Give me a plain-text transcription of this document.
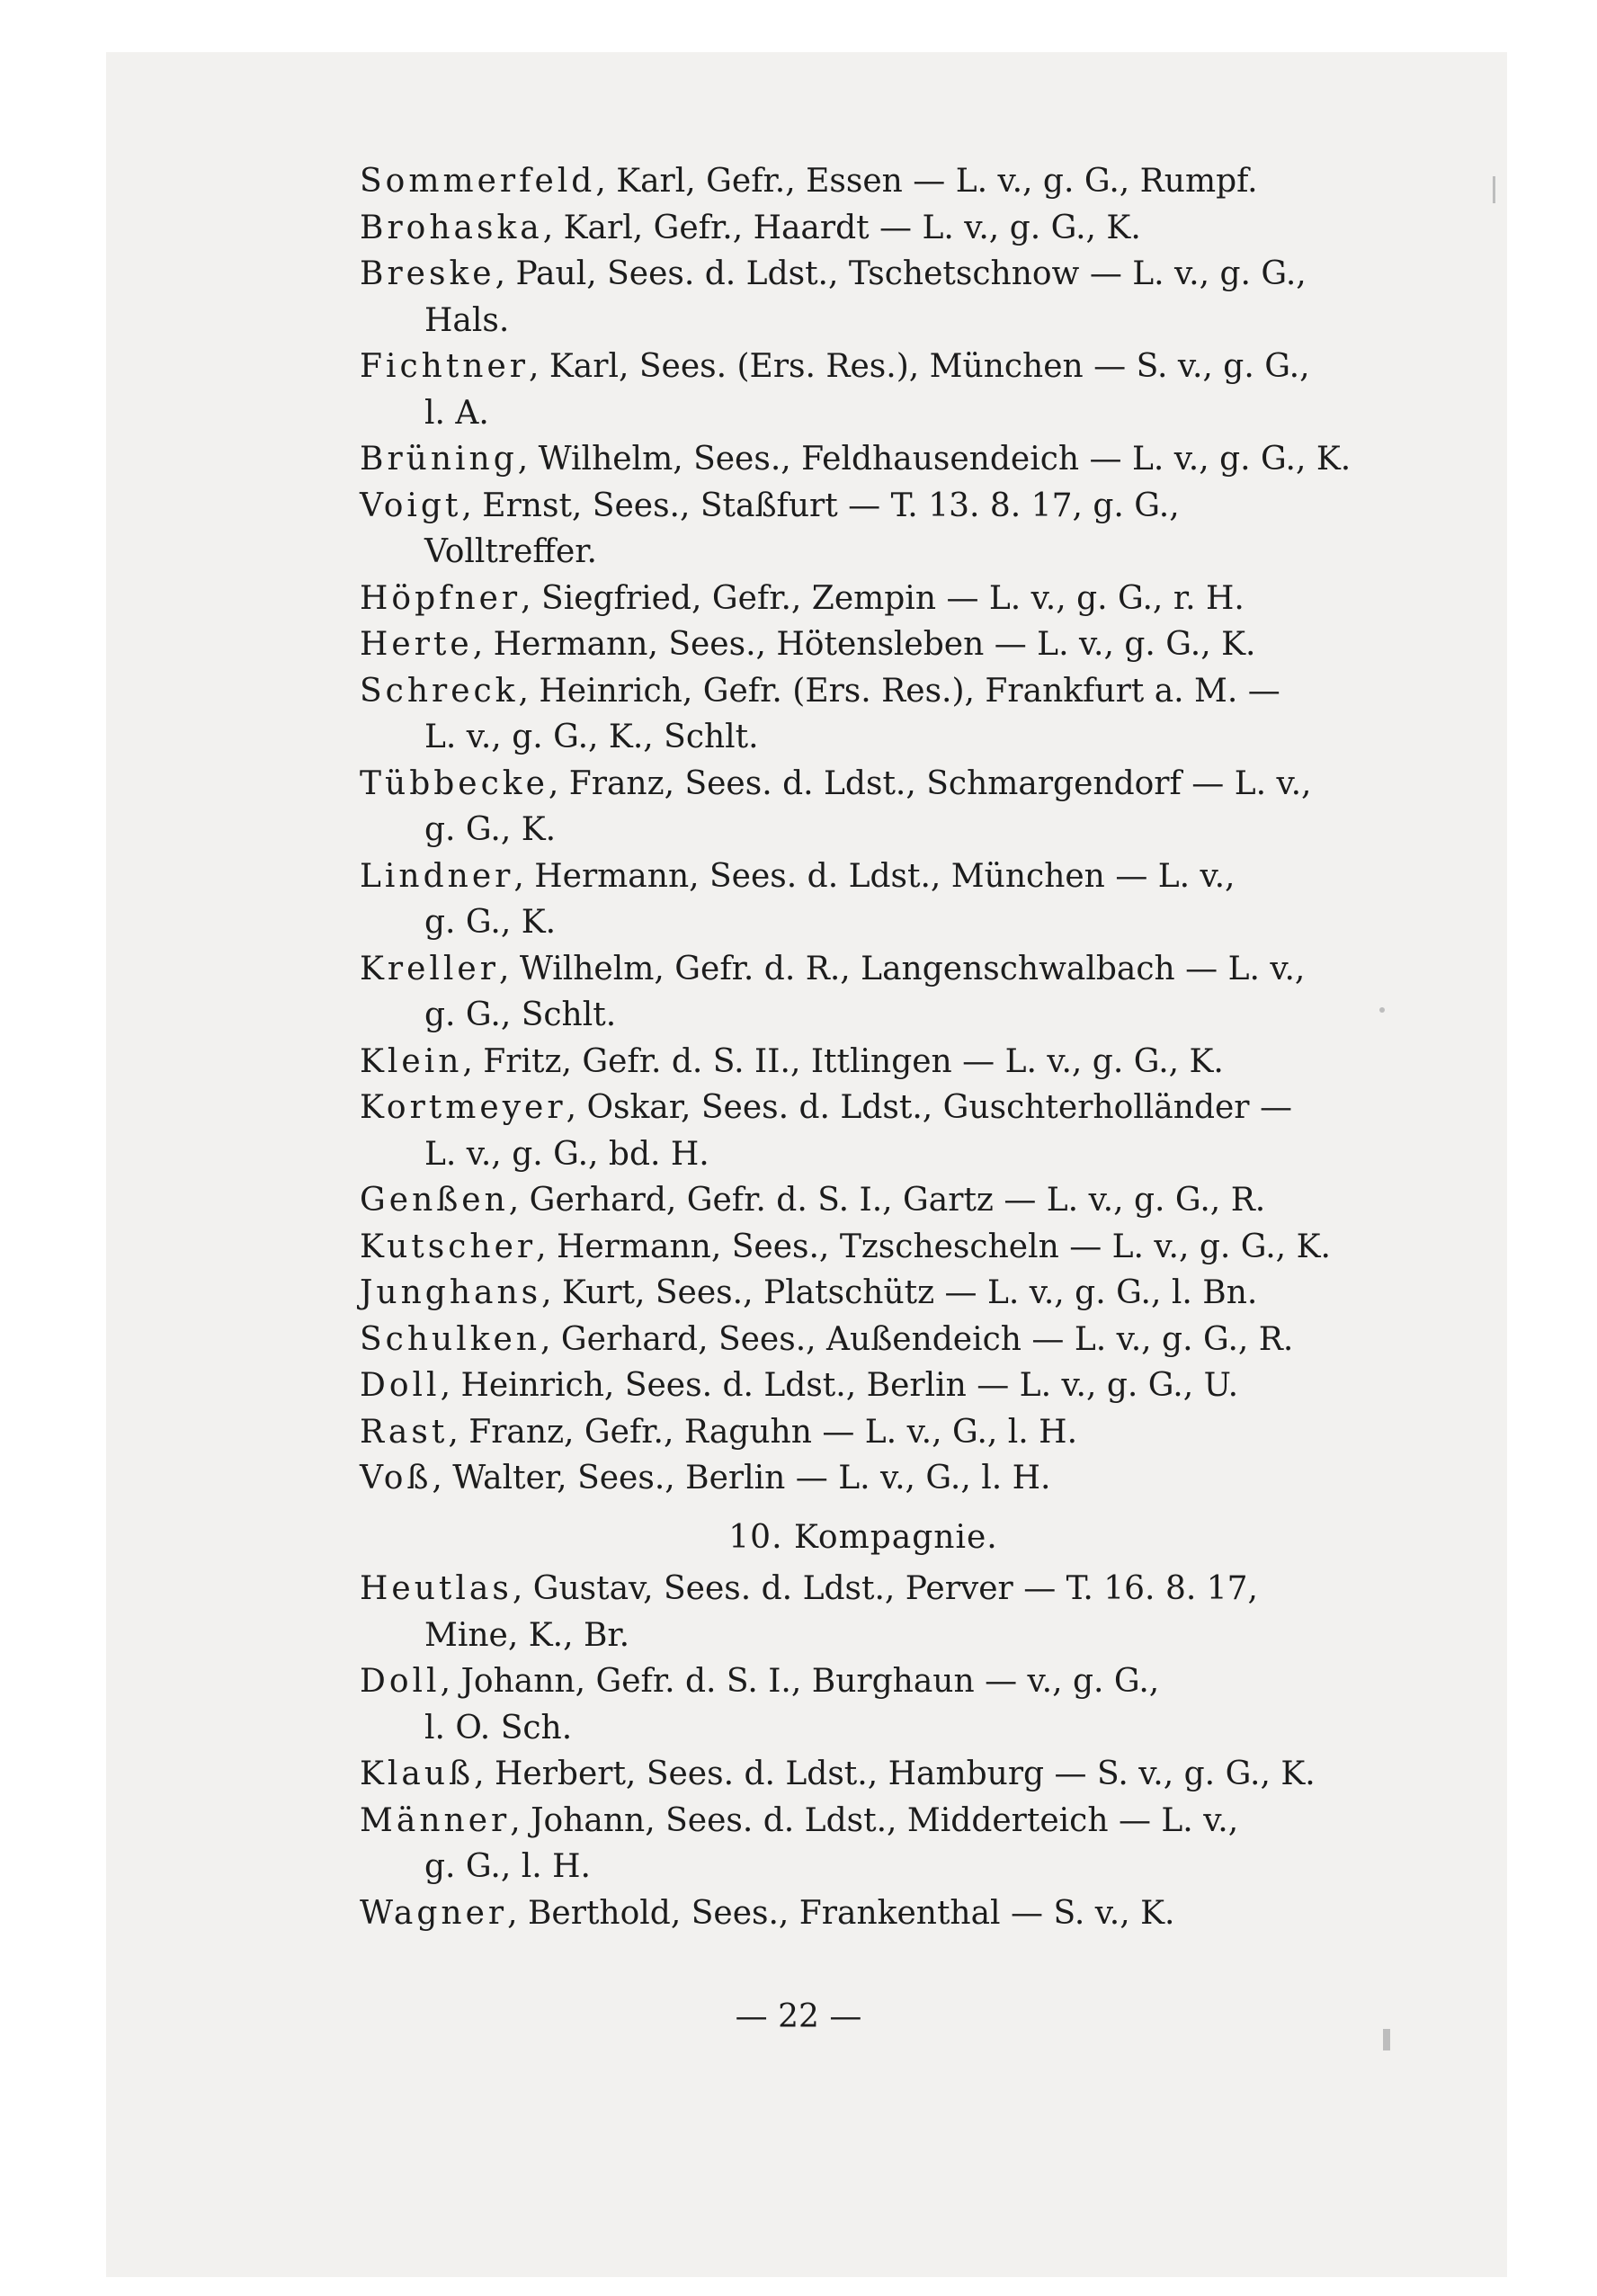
Sommerfeld, Karl, Gefr., Essen — L. v., g. G., Rumpf.

Brohaska, Karl, Gefr., Haardt — L. v., g. G., K.

Breske, Paul, Sees. d. Ldst., Tschetschnow — L. v., g. G.,
Hals.

Fichtner, Karl, Sees. (Ers. Res.), München — S. v., g. G.,
l. A.

Brüning, Wilhelm, Sees., Feldhausendeich — L. v., g. G., K.

Voigt, Ernst, Sees., Staßfurt — T. 13. 8. 17, g. G.,
Volltreffer.

Höpfner, Siegfried, Gefr., Zempin — L. v., g. G., r. H.

Herte, Hermann, Sees., Hötensleben — L. v., g. G., K.

Schreck, Heinrich, Gefr. (Ers. Res.), Frankfurt a. M. —
L. v., g. G., K., Schlt.

Tübbecke, Franz, Sees. d. Ldst., Schmargendorf — L. v.,
g. G., K.

Lindner, Hermann, Sees. d. Ldst., München — L. v.,
g. G., K.

Kreller, Wilhelm, Gefr. d. R., Langenschwalbach — L. v.,
g. G., Schlt.

Klein, Fritz, Gefr. d. S. II., Ittlingen — L. v., g. G., K.

Kortmeyer, Oskar, Sees. d. Ldst., Guschterholländer —
L. v., g. G., bd. H.

Genßen, Gerhard, Gefr. d. S. I., Gartz — L. v., g. G., R.

Kutscher, Hermann, Sees., Tzschescheln — L. v., g. G., K.

Junghans, Kurt, Sees., Platschütz — L. v., g. G., l. Bn.

Schulken, Gerhard, Sees., Außendeich — L. v., g. G., R.

Doll, Heinrich, Sees. d. Ldst., Berlin — L. v., g. G., U.

Rast, Franz, Gefr., Raguhn — L. v., G., l. H.

Voß, Walter, Sees., Berlin — L. v., G., l. H.

10. Kompagnie.

Heutlas, Gustav, Sees. d. Ldst., Perver — T. 16. 8. 17,
Mine, K., Br.

Doll, Johann, Gefr. d. S. I., Burghaun — v., g. G.,
l. O. Sch.

Klauß, Herbert, Sees. d. Ldst., Hamburg — S. v., g. G., K.

Männer, Johann, Sees. d. Ldst., Midderteich — L. v.,
g. G., l. H.

Wagner, Berthold, Sees., Frankenthal — S. v., K.

— 22 —
